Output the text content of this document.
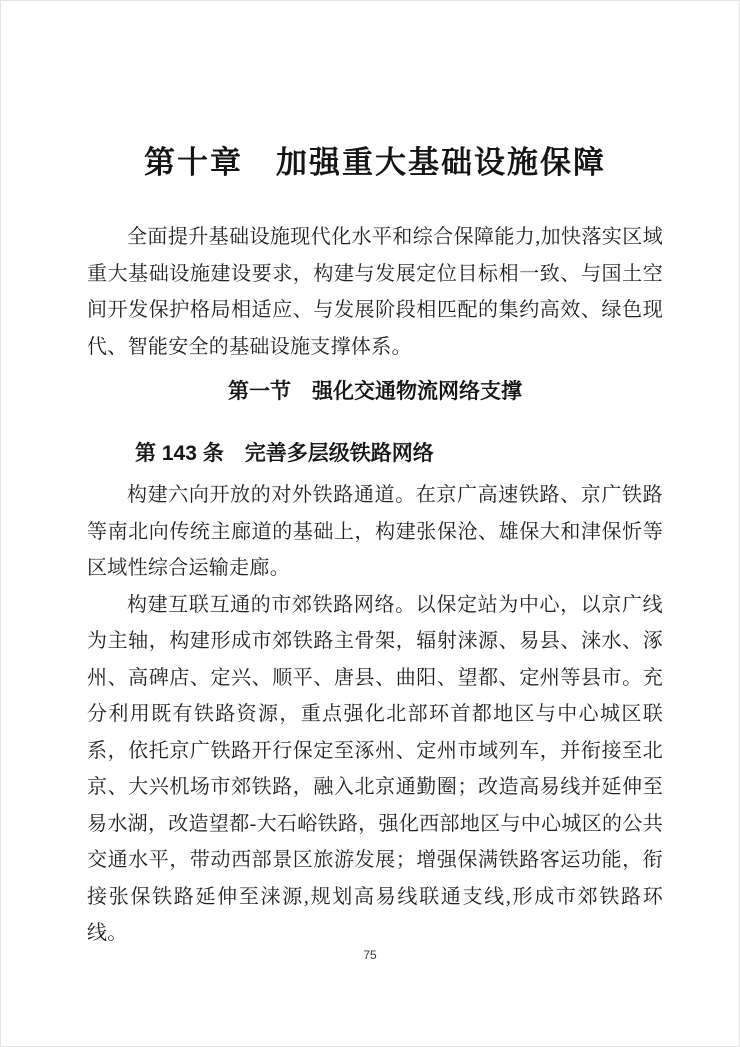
第十章　加强重大基础设施保障

全面提升基础设施现代化水平和综合保障能力,加快落实区域重大基础设施建设要求，构建与发展定位目标相一致、与国土空间开发保护格局相适应、与发展阶段相匹配的集约高效、绿色现代、智能安全的基础设施支撑体系。

第一节　强化交通物流网络支撑
第 143 条　完善多层级铁路网络

构建六向开放的对外铁路通道。在京广高速铁路、京广铁路等南北向传统主廊道的基础上，构建张保沧、雄保大和津保忻等区域性综合运输走廊。

构建互联互通的市郊铁路网络。以保定站为中心，以京广线为主轴，构建形成市郊铁路主骨架，辐射涞源、易县、涞水、涿州、高碑店、定兴、顺平、唐县、曲阳、望都、定州等县市。充分利用既有铁路资源，重点强化北部环首都地区与中心城区联系，依托京广铁路开行保定至涿州、定州市域列车，并衔接至北京、大兴机场市郊铁路，融入北京通勤圈；改造高易线并延伸至易水湖，改造望都-大石峪铁路，强化西部地区与中心城区的公共交通水平，带动西部景区旅游发展；增强保满铁路客运功能，衔接张保铁路延伸至涞源,规划高易线联通支线,形成市郊铁路环线。

75
